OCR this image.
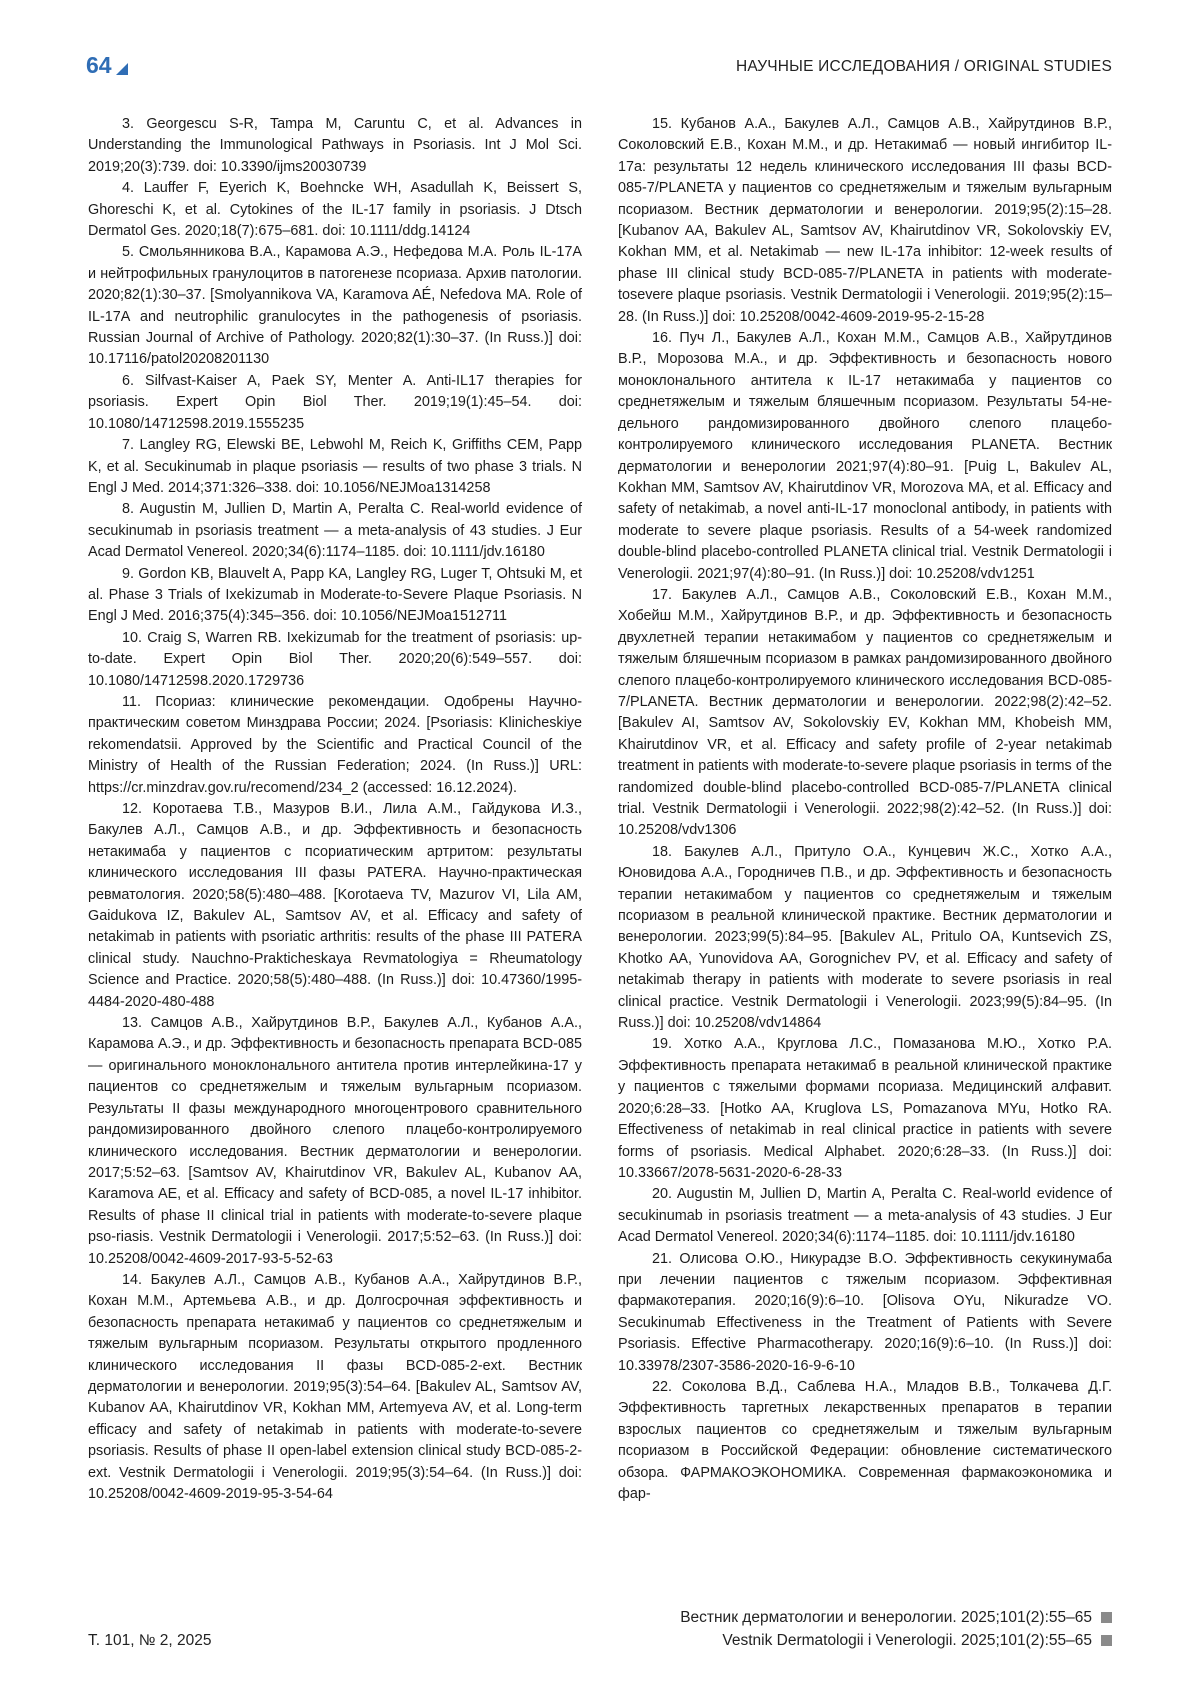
64	НАУЧНЫЕ ИССЛЕДОВАНИЯ / ORIGINAL STUDIES

3. Georgescu S-R, Tampa M, Caruntu C, et al. Advances in Understanding the Immunological Pathways in Psoriasis. Int J Mol Sci. 2019;20(3):739. doi: 10.3390/ijms20030739

4. Lauffer F, Eyerich K, Boehncke WH, Asadullah K, Beissert S, Ghoreschi K, et al. Cytokines of the IL-17 family in psoriasis. J Dtsch Dermatol Ges. 2020;18(7):675–681. doi: 10.1111/ddg.14124

5. Смольянникова В.А., Карамова А.Э., Нефедова М.А. Роль IL-17A и нейтрофильных гранулоцитов в патогенезе псориаза. Архив патологии. 2020;82(1):30–37. [Smolyannikova VA, Karamova AÉ, Nefedova MA. Role of IL-17A and neutrophilic granulocytes in the pathogenesis of psoriasis. Russian Journal of Archive of Pathology. 2020;82(1):30–37. (In Russ.)] doi: 10.17116/patol20208201130

6. Silfvast-Kaiser A, Paek SY, Menter A. Anti-IL17 therapies for psoriasis. Expert Opin Biol Ther. 2019;19(1):45–54. doi: 10.1080/14712598.2019.1555235

7. Langley RG, Elewski BE, Lebwohl M, Reich K, Griffiths CEM, Papp K, et al. Secukinumab in plaque psoriasis — results of two phase 3 trials. N Engl J Med. 2014;371:326–338. doi: 10.1056/NEJMoa1314258

8. Augustin M, Jullien D, Martin A, Peralta C. Real-world evidence of secukinumab in psoriasis treatment — a meta-analysis of 43 studies. J Eur Acad Dermatol Venereol. 2020;34(6):1174–1185. doi: 10.1111/jdv.16180

9. Gordon KB, Blauvelt A, Papp KA, Langley RG, Luger T, Ohtsuki M, et al. Phase 3 Trials of Ixekizumab in Moderate-to-Severe Plaque Psoriasis. N Engl J Med. 2016;375(4):345–356. doi: 10.1056/NEJMoa1512711

10. Craig S, Warren RB. Ixekizumab for the treatment of psoriasis: up-to-date. Expert Opin Biol Ther. 2020;20(6):549–557. doi: 10.1080/14712598.2020.1729736

11. Псориаз: клинические рекомендации. Одобрены Научно-практическим советом Минздрава России; 2024. [Psoriasis: Klinicheskiye rekomendatsii. Approved by the Scientific and Practical Council of the Ministry of Health of the Russian Federation; 2024. (In Russ.)] URL: https://cr.minzdrav.gov.ru/recomend/234_2 (accessed: 16.12.2024).

12. Коротаева Т.В., Мазуров В.И., Лила А.М., Гайдукова И.З., Бакулев А.Л., Самцов А.В., и др. Эффективность и безопасность нетакимаба у пациентов с псориатическим артритом: результаты клинического исследования III фазы PATERA. Научно-практическая ревматология. 2020;58(5):480–488. [Korotaeva TV, Mazurov VI, Lila AM, Gaidukova IZ, Bakulev AL, Samtsov AV, et al. Efficacy and safety of netakimab in patients with psoriatic arthritis: results of the phase III PATERA clinical study. Nauchno-Prakticheskaya Revmatologiya = Rheumatology Science and Practice. 2020;58(5):480–488. (In Russ.)] doi: 10.47360/1995-4484-2020-480-488

13. Самцов А.В., Хайрутдинов В.Р., Бакулев А.Л., Кубанов А.А., Карамова А.Э., и др. Эффективность и безопасность препарата BCD-085 — оригинального моноклонального антитела против интерлейкина-17 у пациентов со среднетяжелым и тяжелым вульгарным псориазом. Результаты II фазы международного многоцентрового сравнительного рандомизированного двойного слепого плацебо-контролируемого клинического исследования. Вестник дерматологии и венерологии. 2017;5:52–63. [Samtsov AV, Khairutdinov VR, Bakulev AL, Kubanov AA, Karamova AE, et al. Efficacy and safety of BCD-085, a novel IL-17 inhibitor. Results of phase II clinical trial in patients with moderate-to-severe plaque pso-riasis. Vestnik Dermatologii i Venerologii. 2017;5:52–63. (In Russ.)] doi: 10.25208/0042-4609-2017-93-5-52-63

14. Бакулев А.Л., Самцов А.В., Кубанов А.А., Хайрутдинов В.Р., Кохан М.М., Артемьева А.В., и др. Долгосрочная эффективность и безопасность препарата нетакимаб у пациентов со среднетяжелым и тяжелым вульгарным псориазом. Результаты открытого продленного клинического исследования II фазы BCD-085-2-ext. Вестник дерматологии и венерологии. 2019;95(3):54–64. [Bakulev AL, Samtsov AV, Kubanov AA, Khairutdinov VR, Kokhan MM, Artemyeva AV, et al. Long-term efficacy and safety of netakimab in patients with moderate-to-severe psoriasis. Results of phase II open-label extension clinical study BCD-085-2-ext. Vestnik Dermatologii i Venerologii. 2019;95(3):54–64. (In Russ.)] doi: 10.25208/0042-4609-2019-95-3-54-64

15. Кубанов А.А., Бакулев А.Л., Самцов А.В., Хайрутдинов В.Р., Соколовский Е.В., Кохан М.М., и др. Нетакимаб — новый ингибитор IL-17a: результаты 12 недель клинического исследования III фазы BCD-085-7/PLANETA у пациентов со среднетяжелым и тяжелым вульгарным псориазом. Вестник дерматологии и венерологии. 2019;95(2):15–28. [Kubanov AA, Bakulev AL, Samtsov AV, Khairutdinov VR, Sokolovskiy EV, Kokhan MM, et al. Netakimab — new IL-17a inhibitor: 12-week results of phase III clinical study BCD-085-7/PLANETA in patients with moderate-tosevere plaque psoriasis. Vestnik Dermatologii i Venerologii. 2019;95(2):15–28. (In Russ.)] doi: 10.25208/0042-4609-2019-95-2-15-28

16. Пуч Л., Бакулев А.Л., Кохан М.М., Самцов А.В., Хайрутдинов В.Р., Морозова М.А., и др. Эффективность и безопасность нового моноклонального антитела к IL-17 нетакимаба у пациентов со среднетяжелым и тяжелым бляшечным псориазом. Результаты 54-не-дельного рандомизированного двойного слепого плацебо-контролируемого клинического исследования PLANETA. Вестник дерматологии и венерологии 2021;97(4):80–91. [Puig L, Bakulev AL, Kokhan MM, Samtsov AV, Khairutdinov VR, Morozova MA, et al. Efficacy and safety of netakimab, a novel anti-IL-17 monoclonal antibody, in patients with moderate to severe plaque psoriasis. Results of a 54-week randomized double-blind placebo-controlled PLANETA clinical trial. Vestnik Dermatologii i Venerologii. 2021;97(4):80–91. (In Russ.)] doi: 10.25208/vdv1251

17. Бакулев А.Л., Самцов А.В., Соколовский Е.В., Кохан М.М., Хобейш М.М., Хайрутдинов В.Р., и др. Эффективность и безопасность двухлетней терапии нетакимабом у пациентов со среднетяжелым и тяжелым бляшечным псориазом в рамках рандомизированного двойного слепого плацебо-контролируемого клинического исследования BCD-085-7/PLANETA. Вестник дерматологии и венерологии. 2022;98(2):42–52. [Bakulev AI, Samtsov AV, Sokolovskiy EV, Kokhan MM, Khobeish MM, Khairutdinov VR, et al. Efficacy and safety profile of 2-year netakimab treatment in patients with moderate-to-severe plaque psoriasis in terms of the randomized double-blind placebo-controlled BCD-085-7/PLANETA clinical trial. Vestnik Dermatologii i Venerologii. 2022;98(2):42–52. (In Russ.)] doi: 10.25208/vdv1306

18. Бакулев А.Л., Притуло О.А., Кунцевич Ж.С., Хотко А.А., Юновидова А.А., Городничев П.В., и др. Эффективность и безопасность терапии нетакимабом у пациентов со среднетяжелым и тяжелым псориазом в реальной клинической практике. Вестник дерматологии и венерологии. 2023;99(5):84–95. [Bakulev AL, Pritulo OA, Kuntsevich ZS, Khotko AA, Yunovidova AA, Gorognichev PV, et al. Efficacy and safety of netakimab therapy in patients with moderate to severe psoriasis in real clinical practice. Vestnik Dermatologii i Venerologii. 2023;99(5):84–95. (In Russ.)] doi: 10.25208/vdv14864

19. Хотко А.А., Круглова Л.С., Помазанова М.Ю., Хотко Р.А. Эффективность препарата нетакимаб в реальной клинической практике у пациентов с тяжелыми формами псориаза. Медицинский алфавит. 2020;6:28–33. [Hotko AA, Kruglova LS, Pomazanova MYu, Hotko RA. Effectiveness of netakimab in real clinical practice in patients with severe forms of psoriasis. Medical Alphabet. 2020;6:28–33. (In Russ.)] doi: 10.33667/2078-5631-2020-6-28-33

20. Augustin M, Jullien D, Martin A, Peralta C. Real-world evidence of secukinumab in psoriasis treatment — a meta-analysis of 43 studies. J Eur Acad Dermatol Venereol. 2020;34(6):1174–1185. doi: 10.1111/jdv.16180

21. Олисова О.Ю., Никурадзе В.О. Эффективность секукинумаба при лечении пациентов с тяжелым псориазом. Эффективная фармакотерапия. 2020;16(9):6–10. [Olisova OYu, Nikuradze VO. Secukinumab Effectiveness in the Treatment of Patients with Severe Psoriasis. Effective Pharmacotherapy. 2020;16(9):6–10. (In Russ.)] doi: 10.33978/2307-3586-2020-16-9-6-10

22. Соколова В.Д., Саблева Н.А., Младов В.В., Толкачева Д.Г. Эффективность таргетных лекарственных препаратов в терапии взрослых пациентов со среднетяжелым и тяжелым вульгарным псориазом в Российской Федерации: обновление систематического обзора. ФАРМАКОЭКОНОМИКА. Современная фармакоэкономика и фар-

Т. 101, № 2, 2025
Вестник дерматологии и венерологии. 2025;101(2):55–65
Vestnik Dermatologii i Venerologii. 2025;101(2):55–65
